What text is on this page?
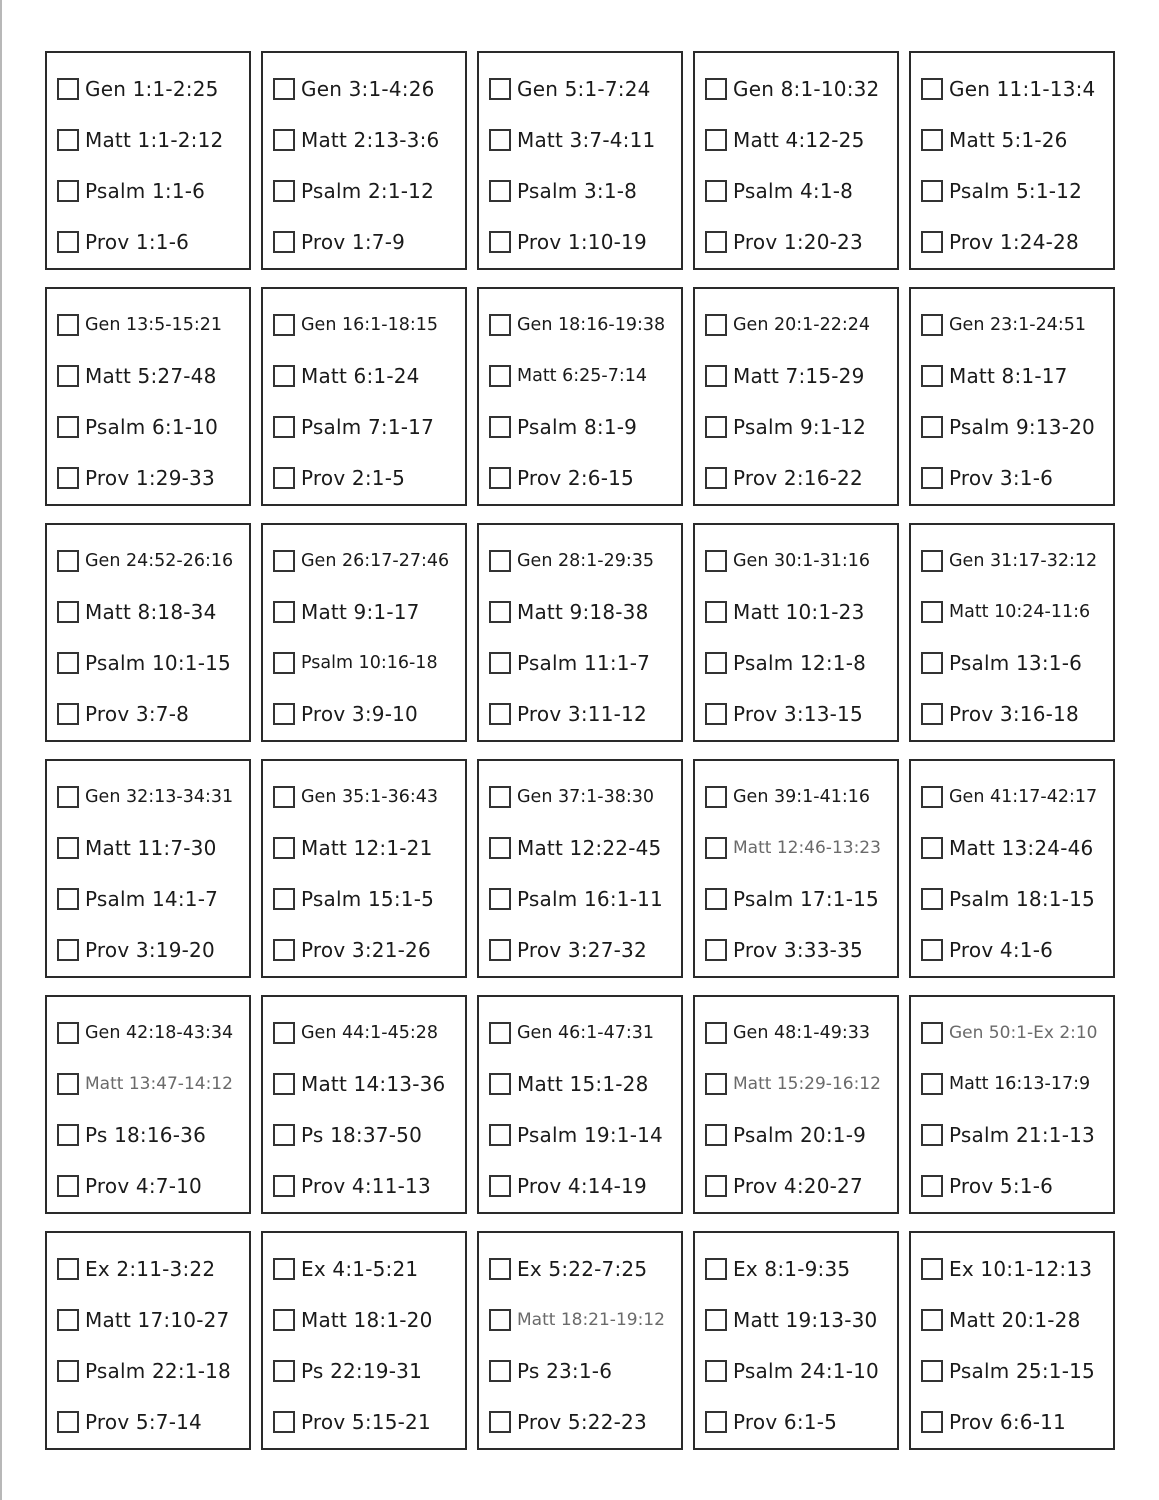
Gen 1:1-2:25
Matt 1:1-2:12
Psalm 1:1-6
Prov 1:1-6
Gen 3:1-4:26
Matt 2:13-3:6
Psalm 2:1-12
Prov 1:7-9
Gen 5:1-7:24
Matt 3:7-4:11
Psalm 3:1-8
Prov 1:10-19
Gen 8:1-10:32
Matt 4:12-25
Psalm 4:1-8
Prov 1:20-23
Gen 11:1-13:4
Matt 5:1-26
Psalm 5:1-12
Prov 1:24-28
Gen 13:5-15:21
Matt 5:27-48
Psalm 6:1-10
Prov 1:29-33
Gen 16:1-18:15
Matt 6:1-24
Psalm 7:1-17
Prov 2:1-5
Gen 18:16-19:38
Matt 6:25-7:14
Psalm 8:1-9
Prov 2:6-15
Gen 20:1-22:24
Matt 7:15-29
Psalm 9:1-12
Prov 2:16-22
Gen 23:1-24:51
Matt 8:1-17
Psalm 9:13-20
Prov 3:1-6
Gen 24:52-26:16
Matt 8:18-34
Psalm 10:1-15
Prov 3:7-8
Gen 26:17-27:46
Matt 9:1-17
Psalm 10:16-18
Prov 3:9-10
Gen 28:1-29:35
Matt 9:18-38
Psalm 11:1-7
Prov 3:11-12
Gen 30:1-31:16
Matt 10:1-23
Psalm 12:1-8
Prov 3:13-15
Gen 31:17-32:12
Matt 10:24-11:6
Psalm 13:1-6
Prov 3:16-18
Gen 32:13-34:31
Matt 11:7-30
Psalm 14:1-7
Prov 3:19-20
Gen 35:1-36:43
Matt 12:1-21
Psalm 15:1-5
Prov 3:21-26
Gen 37:1-38:30
Matt 12:22-45
Psalm 16:1-11
Prov 3:27-32
Gen 39:1-41:16
Matt 12:46-13:23
Psalm 17:1-15
Prov 3:33-35
Gen 41:17-42:17
Matt 13:24-46
Psalm 18:1-15
Prov 4:1-6
Gen 42:18-43:34
Matt 13:47-14:12
Ps 18:16-36
Prov 4:7-10
Gen 44:1-45:28
Matt 14:13-36
Ps 18:37-50
Prov 4:11-13
Gen 46:1-47:31
Matt 15:1-28
Psalm 19:1-14
Prov 4:14-19
Gen 48:1-49:33
Matt 15:29-16:12
Psalm 20:1-9
Prov 4:20-27
Gen 50:1-Ex 2:10
Matt 16:13-17:9
Psalm 21:1-13
Prov 5:1-6
Ex 2:11-3:22
Matt 17:10-27
Psalm 22:1-18
Prov 5:7-14
Ex 4:1-5:21
Matt 18:1-20
Ps 22:19-31
Prov 5:15-21
Ex 5:22-7:25
Matt 18:21-19:12
Ps 23:1-6
Prov 5:22-23
Ex 8:1-9:35
Matt 19:13-30
Psalm 24:1-10
Prov 6:1-5
Ex 10:1-12:13
Matt 20:1-28
Psalm 25:1-15
Prov 6:6-11
